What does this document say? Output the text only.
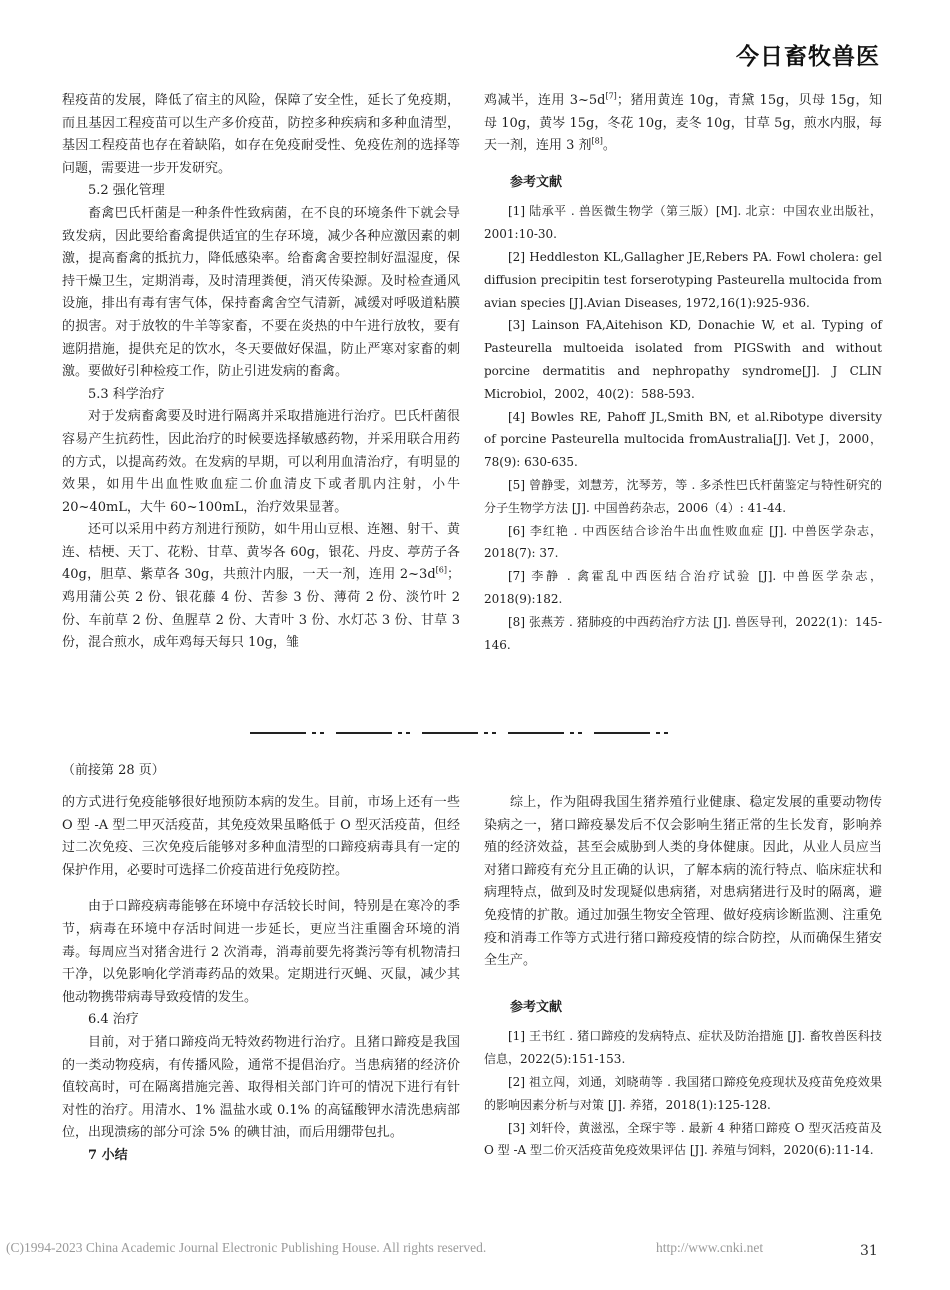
今日畜牧兽医

程疫苗的发展，降低了宿主的风险，保障了安全性，延长了免疫期，而且基因工程疫苗可以生产多价疫苗，防控多种疾病和多种血清型，基因工程疫苗也存在着缺陷，如存在免疫耐受性、免疫佐剂的选择等问题，需要进一步开发研究。

5.2 强化管理

畜禽巴氏杆菌是一种条件性致病菌，在不良的环境条件下就会导致发病，因此要给畜禽提供适宜的生存环境，减少各种应激因素的刺激，提高畜禽的抵抗力，降低感染率。给畜禽舍要控制好温湿度，保持干燥卫生，定期消毒，及时清理粪便，消灭传染源。及时检查通风设施，排出有毒有害气体，保持畜禽舍空气清新，减缓对呼吸道粘膜的损害。对于放牧的牛羊等家畜，不要在炎热的中午进行放牧，要有遮阴措施，提供充足的饮水，冬天要做好保温，防止严寒对家畜的刺激。要做好引种检疫工作，防止引进发病的畜禽。

5.3 科学治疗

对于发病畜禽要及时进行隔离并采取措施进行治疗。巴氏杆菌很容易产生抗药性，因此治疗的时候要选择敏感药物，并采用联合用药的方式，以提高药效。在发病的早期，可以利用血清治疗，有明显的效果，如用牛出血性败血症二价血清皮下或者肌内注射，小牛 20~40mL，大牛 60~100mL，治疗效果显著。

还可以采用中药方剂进行预防，如牛用山豆根、连翘、射干、黄连、桔梗、天丁、花粉、甘草、黄岑各 60g，银花、丹皮、葶苈子各 40g，胆草、紫草各 30g，共煎汁内服，一天一剂，连用 2~3d[6]；鸡用蒲公英 2 份、银花藤 4 份、苦参 3 份、薄荷 2 份、淡竹叶 2 份、车前草 2 份、鱼腥草 2 份、大青叶 3 份、水灯芯 3 份、甘草 3 份，混合煎水，成年鸡每天每只 10g，雏

鸡减半，连用 3~5d[7]；猪用黄连 10g，青黛 15g，贝母 15g，知母 10g，黄岑 15g，冬花 10g，麦冬 10g，甘草 5g，煎水内服，每天一剂，连用 3 剂[8]。

参考文献

[1] 陆承平 . 兽医微生物学（第三版）[M]. 北京：中国农业出版社，2001:10-30.

[2] Heddleston KL,Gallagher JE,Rebers PA. Fowl cholera: gel diffusion precipitin test forserotyping Pasteurella multocida from avian species [J].Avian Diseases, 1972,16(1):925-936.

[3] Lainson FA,Aitehison KD, Donachie W, et al. Typing of Pasteurella multoeida isolated from PIGSwith and without porcine dermatitis and nephropathy syndrome[J]. J CLIN Microbiol，2002，40(2)：588-593.

[4] Bowles RE, Pahoff JL,Smith BN, et al.Ribotype diversity of porcine Pasteurella multocida fromAustralia[J]. Vet J，2000，78(9): 630-635.

[5] 曾静雯，刘慧芳，沈琴芳，等 . 多杀性巴氏杆菌鉴定与特性研究的分子生物学方法 [J]. 中国兽药杂志，2006（4）: 41-44.

[6] 李红艳 . 中西医结合诊治牛出血性败血症 [J]. 中兽医学杂志，2018(7): 37.

[7] 李静 . 禽霍乱中西医结合治疗试验 [J]. 中兽医学杂志，2018(9):182.

[8] 张燕芳 . 猪肺疫的中西药治疗方法 [J]. 兽医导刊，2022(1)：145-146.

（前接第 28 页）

的方式进行免疫能够很好地预防本病的发生。目前，市场上还有一些 O 型 -A 型二甲灭活疫苗，其免疫效果虽略低于 O 型灭活疫苗，但经过二次免疫、三次免疫后能够对多种血清型的口蹄疫病毒具有一定的保护作用，必要时可选择二价疫苗进行免疫防控。

由于口蹄疫病毒能够在环境中存活较长时间，特别是在寒冷的季节，病毒在环境中存活时间进一步延长，更应当注重圈舍环境的消毒。每周应当对猪舍进行 2 次消毒，消毒前要先将粪污等有机物清扫干净，以免影响化学消毒药品的效果。定期进行灭蝇、灭鼠，减少其他动物携带病毒导致疫情的发生。

6.4 治疗

目前，对于猪口蹄疫尚无特效药物进行治疗。且猪口蹄疫是我国的一类动物疫病，有传播风险，通常不提倡治疗。当患病猪的经济价值较高时，可在隔离措施完善、取得相关部门许可的情况下进行有针对性的治疗。用清水、1% 温盐水或 0.1% 的高锰酸钾水清洗患病部位，出现溃疡的部分可涂 5% 的碘甘油，而后用绷带包扎。

7 小结

综上，作为阻碍我国生猪养殖行业健康、稳定发展的重要动物传染病之一，猪口蹄疫暴发后不仅会影响生猪正常的生长发育，影响养殖的经济效益，甚至会威胁到人类的身体健康。因此，从业人员应当对猪口蹄疫有充分且正确的认识，了解本病的流行特点、临床症状和病理特点，做到及时发现疑似患病猪，对患病猪进行及时的隔离，避免疫情的扩散。通过加强生物安全管理、做好疫病诊断监测、注重免疫和消毒工作等方式进行猪口蹄疫疫情的综合防控，从而确保生猪安全生产。

参考文献

[1] 王书红 . 猪口蹄疫的发病特点、症状及防治措施 [J]. 畜牧兽医科技信息，2022(5):151-153.

[2] 祖立闯，刘通，刘晓萌等 . 我国猪口蹄疫免疫现状及疫苗免疫效果的影响因素分析与对策 [J]. 养猪，2018(1):125-128.

[3] 刘轩伶，黄滋泓，全琛宇等 . 最新 4 种猪口蹄疫 O 型灭活疫苗及 O 型 -A 型二价灭活疫苗免疫效果评估 [J]. 养殖与饲料，2020(6):11-14.

(C)1994-2023 China Academic Journal Electronic Publishing House. All rights reserved.	http://www.cnki.net	31
